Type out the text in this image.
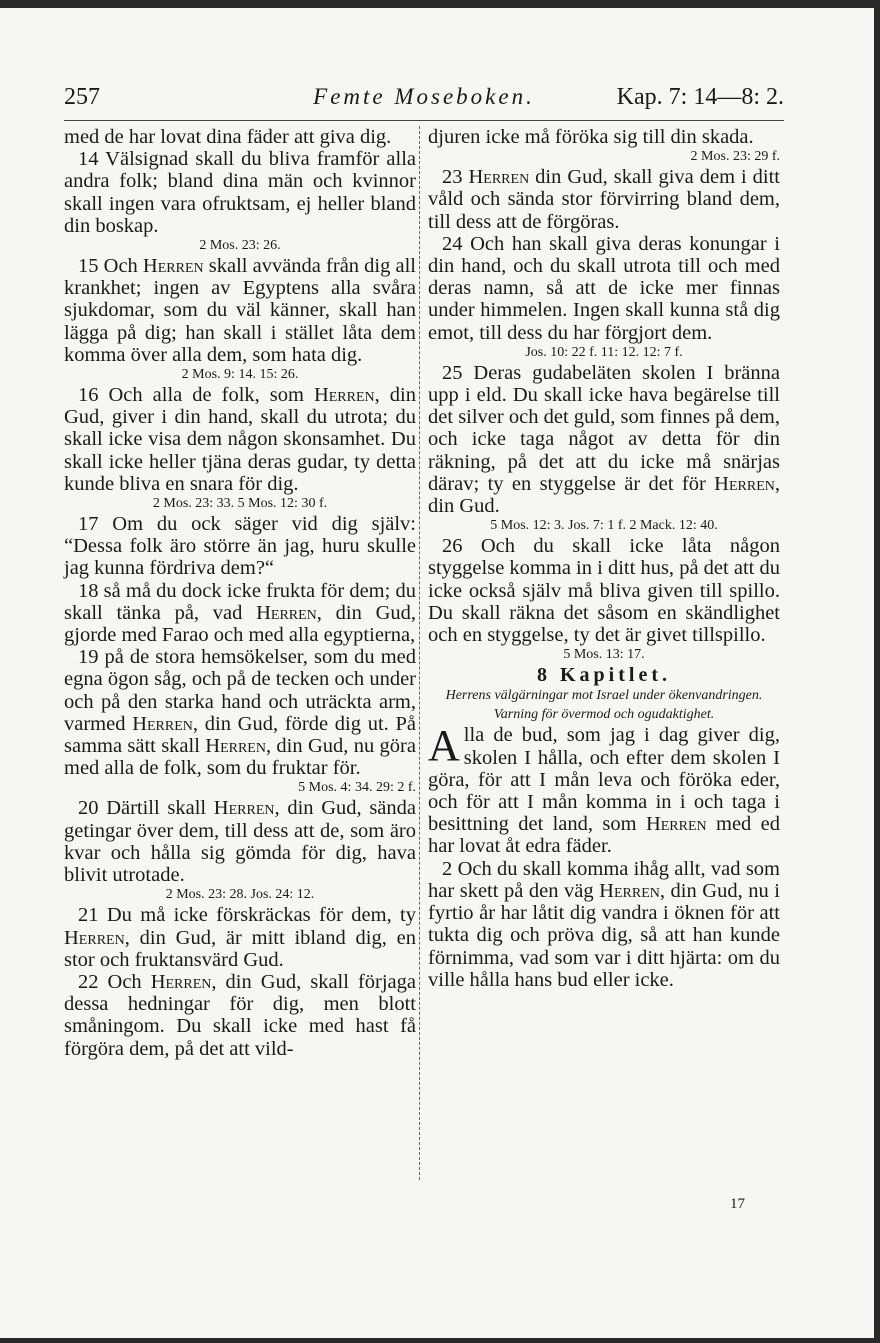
257	Femte Moseboken.	Kap. 7: 14—8: 2.

med de har lovat dina fäder att giva dig.

14 Välsignad skall du bliva framför alla andra folk; bland dina män och kvinnor skall ingen vara ofruktsam, ej heller bland din boskap.

2 Mos. 23: 26.

15 Och Herren skall avvända från dig all krankhet; ingen av Egyptens alla svåra sjukdomar, som du väl känner, skall han lägga på dig; han skall i stället låta dem komma över alla dem, som hata dig.

2 Mos. 9: 14. 15: 26.

16 Och alla de folk, som Herren, din Gud, giver i din hand, skall du utrota; du skall icke visa dem någon skonsamhet. Du skall icke heller tjäna deras gudar, ty detta kunde bliva en snara för dig.

2 Mos. 23: 33. 5 Mos. 12: 30 f.

17 Om du ock säger vid dig själv: “Dessa folk äro större än jag, huru skulle jag kunna fördriva dem?“

18 så må du dock icke frukta för dem; du skall tänka på, vad Herren, din Gud, gjorde med Farao och med alla egyptierna,

19 på de stora hemsökelser, som du med egna ögon såg, och på de tecken och under och på den starka hand och uträckta arm, varmed Herren, din Gud, förde dig ut. På samma sätt skall Herren, din Gud, nu göra med alla de folk, som du fruktar för.

5 Mos. 4: 34. 29: 2 f.

20 Därtill skall Herren, din Gud, sända getingar över dem, till dess att de, som äro kvar och hålla sig gömda för dig, hava blivit utrotade.

2 Mos. 23: 28. Jos. 24: 12.

21 Du må icke förskräckas för dem, ty Herren, din Gud, är mitt ibland dig, en stor och fruktansvärd Gud.

22 Och Herren, din Gud, skall förjaga dessa hedningar för dig, men blott småningom. Du skall icke med hast få förgöra dem, på det att vild-

djuren icke må föröka sig till din skada.

2 Mos. 23: 29 f.

23 Herren din Gud, skall giva dem i ditt våld och sända stor förvirring bland dem, till dess att de förgöras.

24 Och han skall giva deras konungar i din hand, och du skall utrota till och med deras namn, så att de icke mer finnas under himmelen. Ingen skall kunna stå dig emot, till dess du har förgjort dem.

Jos. 10: 22 f. 11: 12. 12: 7 f.

25 Deras gudabeläten skolen I bränna upp i eld. Du skall icke hava begärelse till det silver och det guld, som finnes på dem, och icke taga något av detta för din räkning, på det att du icke må snärjas därav; ty en styggelse är det för Herren, din Gud.

5 Mos. 12: 3. Jos. 7: 1 f. 2 Mack. 12: 40.

26 Och du skall icke låta någon styggelse komma in i ditt hus, på det att du icke också själv må bliva given till spillo. Du skall räkna det såsom en skändlighet och en styggelse, ty det är givet tillspillo.

5 Mos. 13: 17.

8 Kapitlet.

Herrens välgärningar mot Israel under ökenvandringen. Varning för övermod och ogudaktighet.

Alla de bud, som jag i dag giver dig, skolen I hålla, och efter dem skolen I göra, för att I mån leva och föröka eder, och för att I mån komma in i och taga i besittning det land, som Herren med ed har lovat åt edra fäder.

2 Och du skall komma ihåg allt, vad som har skett på den väg Herren, din Gud, nu i fyrtio år har låtit dig vandra i öknen för att tukta dig och pröva dig, så att han kunde förnimma, vad som var i ditt hjärta: om du ville hålla hans bud eller icke.

17
